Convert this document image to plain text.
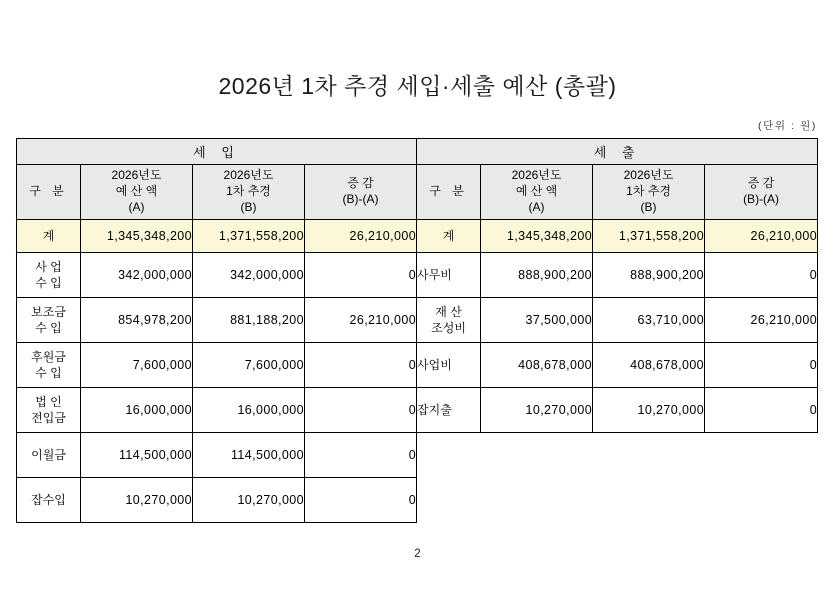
2026년 1차 추경 세입·세출 예산 (총괄)
(단위 : 원)
세 입				세 출			
구 분	2026년도
예 산 액
(A)	2026년도
1차 추경
(B)	증 감
(B)-(A)	구 분	2026년도
예 산 액
(A)	2026년도
1차 추경
(B)	증 감
(B)-(A)

계	1,345,348,200	1,371,558,200	26,210,000	계	1,345,348,200	1,371,558,200	26,210,000

사 업
수 입	342,000,000	342,000,000	0	사무비	888,900,200	888,900,200	0

보조금
수 입	854,978,200	881,188,200	26,210,000	재 산
조성비	37,500,000	63,710,000	26,210,000

후원금
수 입	7,600,000	7,600,000	0	사업비	408,678,000	408,678,000	0

법 인
전입금	16,000,000	16,000,000	0	잡지출	10,270,000	10,270,000	0
이월금	114,500,000	114,500,000	0				
잡수입	10,270,000	10,270,000	0				
2
